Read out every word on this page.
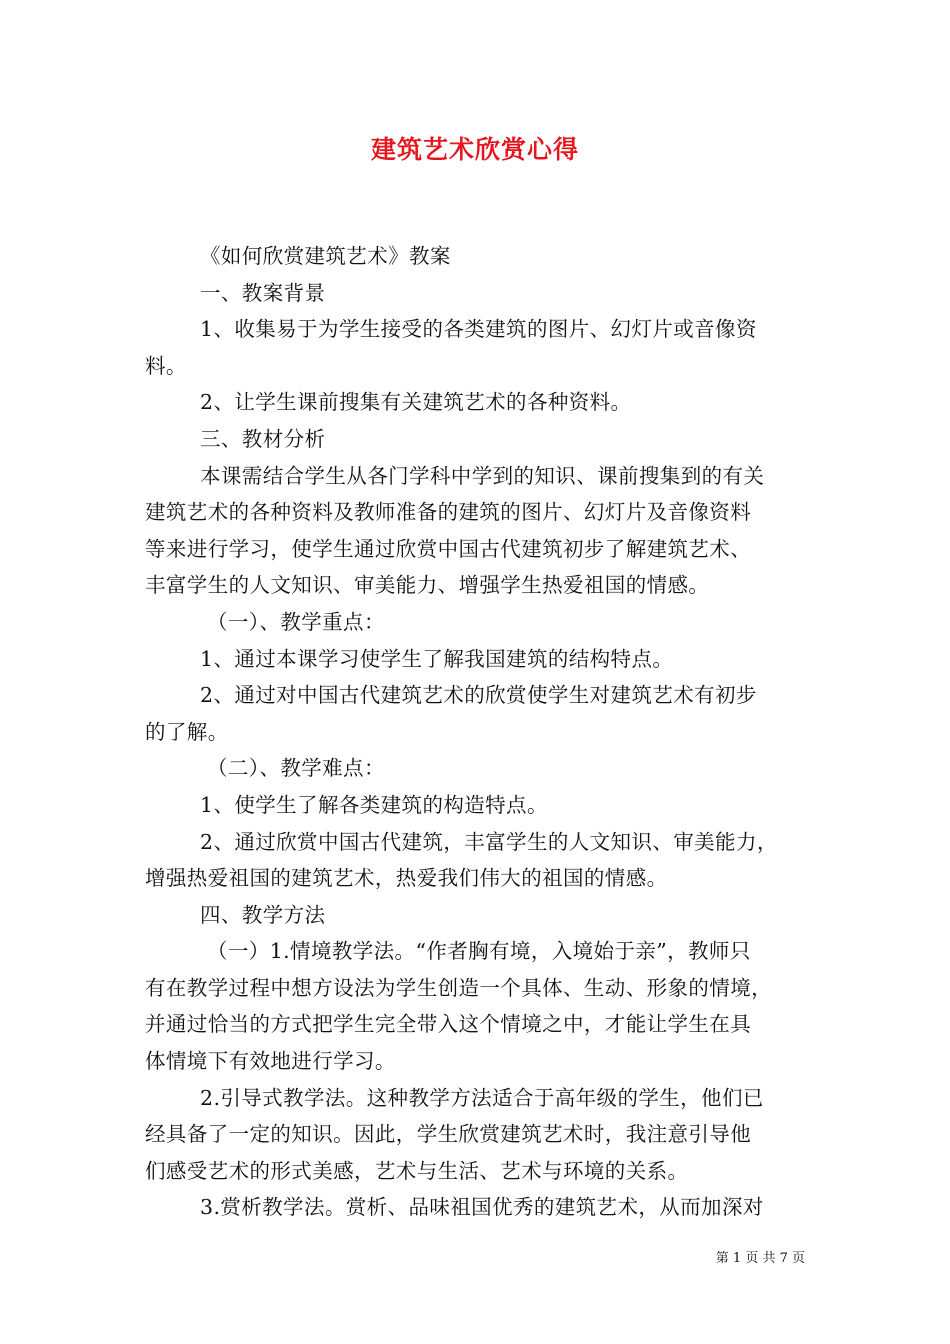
建筑艺术欣赏心得
《如何欣赏建筑艺术》教案
一、教案背景
1、收集易于为学生接受的各类建筑的图片、幻灯片或音像资
料。
2、让学生课前搜集有关建筑艺术的各种资料。
三、教材分析
本课需结合学生从各门学科中学到的知识、课前搜集到的有关
建筑艺术的各种资料及教师准备的建筑的图片、幻灯片及音像资料
等来进行学习，使学生通过欣赏中国古代建筑初步了解建筑艺术、
丰富学生的人文知识、审美能力、增强学生热爱祖国的情感。
（一）、教学重点：
1、通过本课学习使学生了解我国建筑的结构特点。
2、通过对中国古代建筑艺术的欣赏使学生对建筑艺术有初步
的了解。
（二）、教学难点：
1、使学生了解各类建筑的构造特点。
2、通过欣赏中国古代建筑，丰富学生的人文知识、审美能力，
增强热爱祖国的建筑艺术，热爱我们伟大的祖国的情感。
四、教学方法
（一）1.情境教学法。“作者胸有境，入境始于亲”，教师只
有在教学过程中想方设法为学生创造一个具体、生动、形象的情境，
并通过恰当的方式把学生完全带入这个情境之中，才能让学生在具
体情境下有效地进行学习。
2.引导式教学法。这种教学方法适合于高年级的学生，他们已
经具备了一定的知识。因此，学生欣赏建筑艺术时，我注意引导他
们感受艺术的形式美感，艺术与生活、艺术与环境的关系。
3.赏析教学法。赏析、品味祖国优秀的建筑艺术，从而加深对
第 1 页 共 7 页
